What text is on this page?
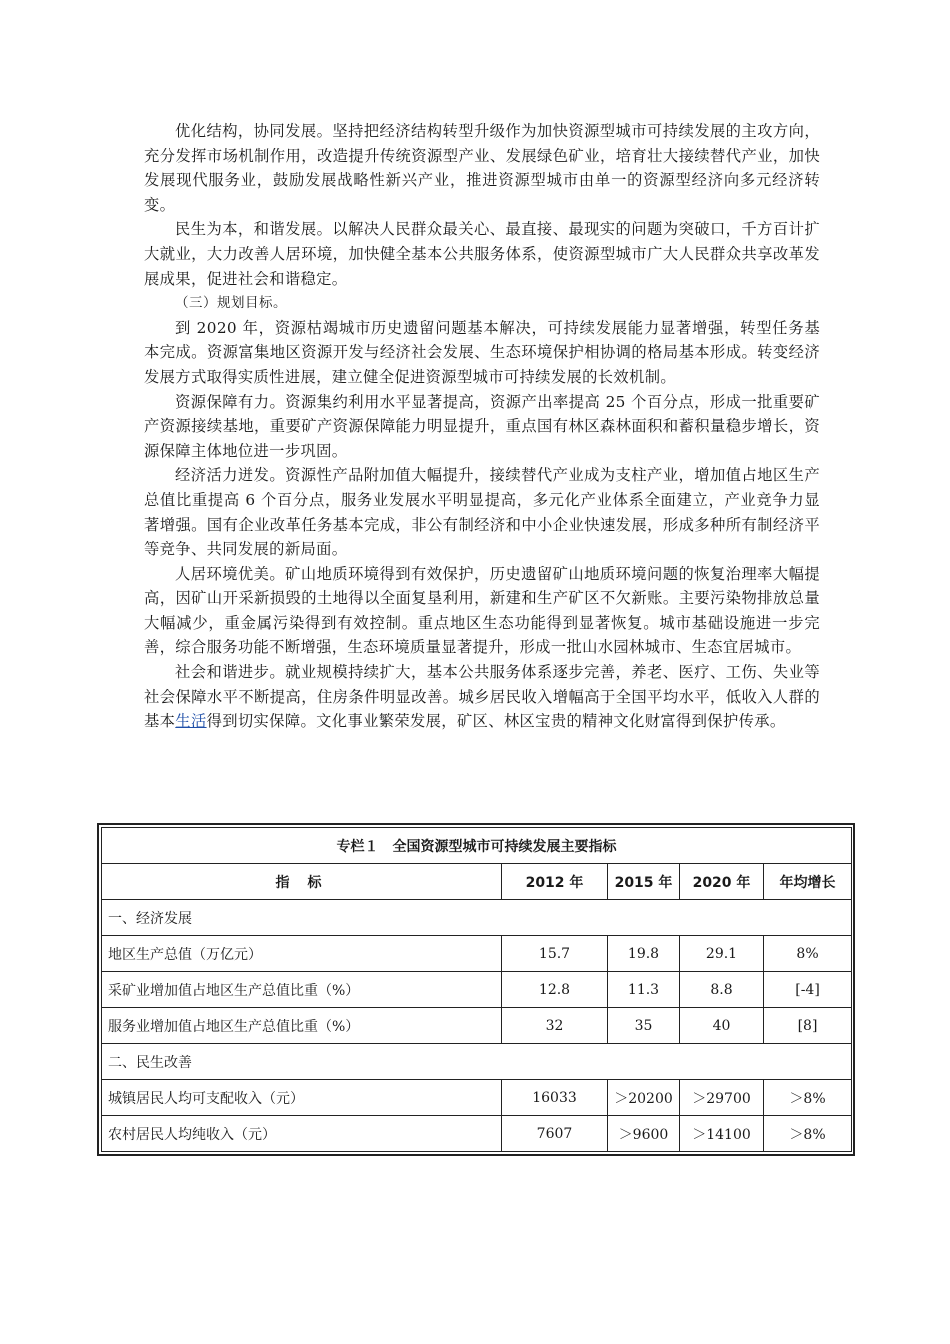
优化结构，协同发展。坚持把经济结构转型升级作为加快资源型城市可持续发展的主攻方向，充分发挥市场机制作用，改造提升传统资源型产业、发展绿色矿业，培育壮大接续替代产业，加快发展现代服务业，鼓励发展战略性新兴产业，推进资源型城市由单一的资源型经济向多元经济转变。

民生为本，和谐发展。以解决人民群众最关心、最直接、最现实的问题为突破口，千方百计扩大就业，大力改善人居环境，加快健全基本公共服务体系，使资源型城市广大人民群众共享改革发展成果，促进社会和谐稳定。

（三）规划目标。

到 2020 年，资源枯竭城市历史遗留问题基本解决，可持续发展能力显著增强，转型任务基本完成。资源富集地区资源开发与经济社会发展、生态环境保护相协调的格局基本形成。转变经济发展方式取得实质性进展，建立健全促进资源型城市可持续发展的长效机制。

资源保障有力。资源集约利用水平显著提高，资源产出率提高 25 个百分点，形成一批重要矿产资源接续基地，重要矿产资源保障能力明显提升，重点国有林区森林面积和蓄积量稳步增长，资源保障主体地位进一步巩固。

经济活力迸发。资源性产品附加值大幅提升，接续替代产业成为支柱产业，增加值占地区生产总值比重提高 6 个百分点，服务业发展水平明显提高，多元化产业体系全面建立，产业竞争力显著增强。国有企业改革任务基本完成，非公有制经济和中小企业快速发展，形成多种所有制经济平等竞争、共同发展的新局面。

人居环境优美。矿山地质环境得到有效保护，历史遗留矿山地质环境问题的恢复治理率大幅提高，因矿山开采新损毁的土地得以全面复垦利用，新建和生产矿区不欠新账。主要污染物排放总量大幅减少，重金属污染得到有效控制。重点地区生态功能得到显著恢复。城市基础设施进一步完善，综合服务功能不断增强，生态环境质量显著提升，形成一批山水园林城市、生态宜居城市。

社会和谐进步。就业规模持续扩大，基本公共服务体系逐步完善，养老、医疗、工伤、失业等社会保障水平不断提高，住房条件明显改善。城乡居民收入增幅高于全国平均水平，低收入人群的基本生活得到切实保障。文化事业繁荣发展，矿区、林区宝贵的精神文化财富得到保护传承。

专栏１　全国资源型城市可持续发展主要指标				
指标	2012 年	2015 年	2020 年	年均增长
一、经济发展				
地区生产总值（万亿元）	15.7	19.8	29.1	8%
采矿业增加值占地区生产总值比重（%）	12.8	11.3	8.8	[-4]
服务业增加值占地区生产总值比重（%）	32	35	40	[8]
二、民生改善				
城镇居民人均可支配收入（元）	16033	＞20200	＞29700	＞8%
农村居民人均纯收入（元）	7607	＞9600	＞14100	＞8%
